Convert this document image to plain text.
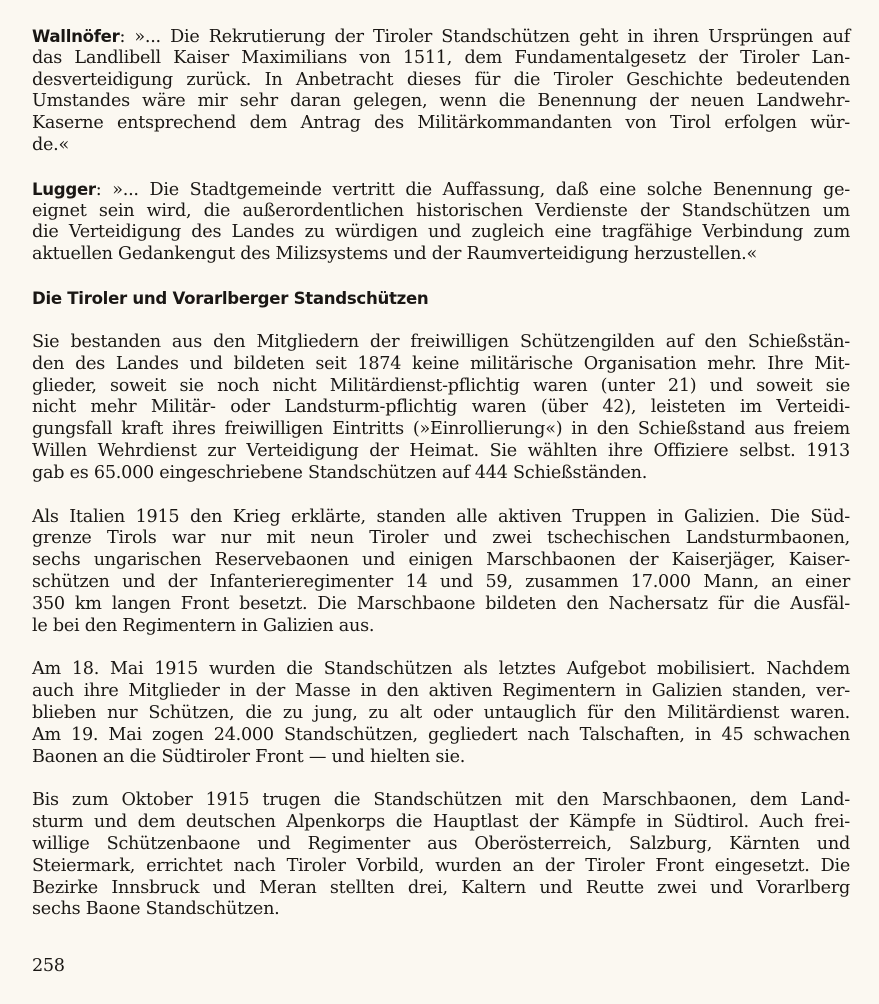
Wallnöfer: »... Die Rekrutierung der Tiroler Standschützen geht in ihren Ursprüngen auf
das Landlibell Kaiser Maximilians von 1511, dem Fundamentalgesetz der Tiroler Lan-
desverteidigung zurück. In Anbetracht dieses für die Tiroler Geschichte bedeutenden
Umstandes wäre mir sehr daran gelegen, wenn die Benennung der neuen Landwehr-
Kaserne entsprechend dem Antrag des Militärkommandanten von Tirol erfolgen wür-
de.«
Lugger: »... Die Stadtgemeinde vertritt die Auffassung, daß eine solche Benennung ge-
eignet sein wird, die außerordentlichen historischen Verdienste der Standschützen um
die Verteidigung des Landes zu würdigen und zugleich eine tragfähige Verbindung zum
aktuellen Gedankengut des Milizsystems und der Raumverteidigung herzustellen.«
Die Tiroler und Vorarlberger Standschützen
Sie bestanden aus den Mitgliedern der freiwilligen Schützengilden auf den Schießstän-
den des Landes und bildeten seit 1874 keine militärische Organisation mehr. Ihre Mit-
glieder, soweit sie noch nicht Militärdienst-pflichtig waren (unter 21) und soweit sie
nicht mehr Militär- oder Landsturm-pflichtig waren (über 42), leisteten im Verteidi-
gungsfall kraft ihres freiwilligen Eintritts (»Einrollierung«) in den Schießstand aus freiem
Willen Wehrdienst zur Verteidigung der Heimat. Sie wählten ihre Offiziere selbst. 1913
gab es 65.000 eingeschriebene Standschützen auf 444 Schießständen.
Als Italien 1915 den Krieg erklärte, standen alle aktiven Truppen in Galizien. Die Süd-
grenze Tirols war nur mit neun Tiroler und zwei tschechischen Landsturmbaonen,
sechs ungarischen Reservebaonen und einigen Marschbaonen der Kaiserjäger, Kaiser-
schützen und der Infanterieregimenter 14 und 59, zusammen 17.000 Mann, an einer
350 km langen Front besetzt. Die Marschbaone bildeten den Nachersatz für die Ausfäl-
le bei den Regimentern in Galizien aus.
Am 18. Mai 1915 wurden die Standschützen als letztes Aufgebot mobilisiert. Nachdem
auch ihre Mitglieder in der Masse in den aktiven Regimentern in Galizien standen, ver-
blieben nur Schützen, die zu jung, zu alt oder untauglich für den Militärdienst waren.
Am 19. Mai zogen 24.000 Standschützen, gegliedert nach Talschaften, in 45 schwachen
Baonen an die Südtiroler Front — und hielten sie.
Bis zum Oktober 1915 trugen die Standschützen mit den Marschbaonen, dem Land-
sturm und dem deutschen Alpenkorps die Hauptlast der Kämpfe in Südtirol. Auch frei-
willige Schützenbaone und Regimenter aus Oberösterreich, Salzburg, Kärnten und
Steiermark, errichtet nach Tiroler Vorbild, wurden an der Tiroler Front eingesetzt. Die
Bezirke Innsbruck und Meran stellten drei, Kaltern und Reutte zwei und Vorarlberg
sechs Baone Standschützen.
258
